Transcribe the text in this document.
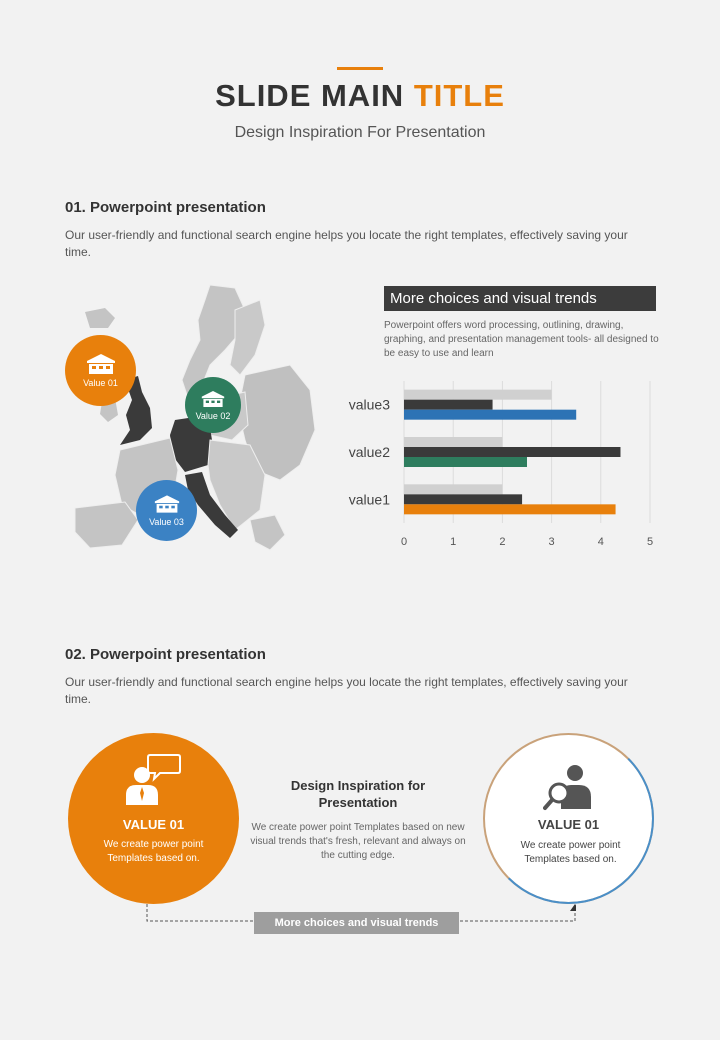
SLIDE MAIN TITLE
Design Inspiration For Presentation
01. Powerpoint presentation
Our user-friendly and functional search engine helps you locate the right templates, effectively saving your time.
Value 01
Value 02
Value 03
More choices and visual trends
Powerpoint offers word processing, outlining, drawing, graphing, and presentation management tools- all designed to be easy to use and learn
0	1	2	3	4	5
value1
value2
value3
02. Powerpoint presentation
Our user-friendly and functional search engine helps you locate the right templates, effectively saving your time.
VALUE 01
We create power point Templates based on.
Design Inspiration for Presentation
We create power point Templates based on new visual trends that's fresh, relevant and always on the cutting edge.
VALUE 01
We create power point Templates based on.
More choices and visual trends
